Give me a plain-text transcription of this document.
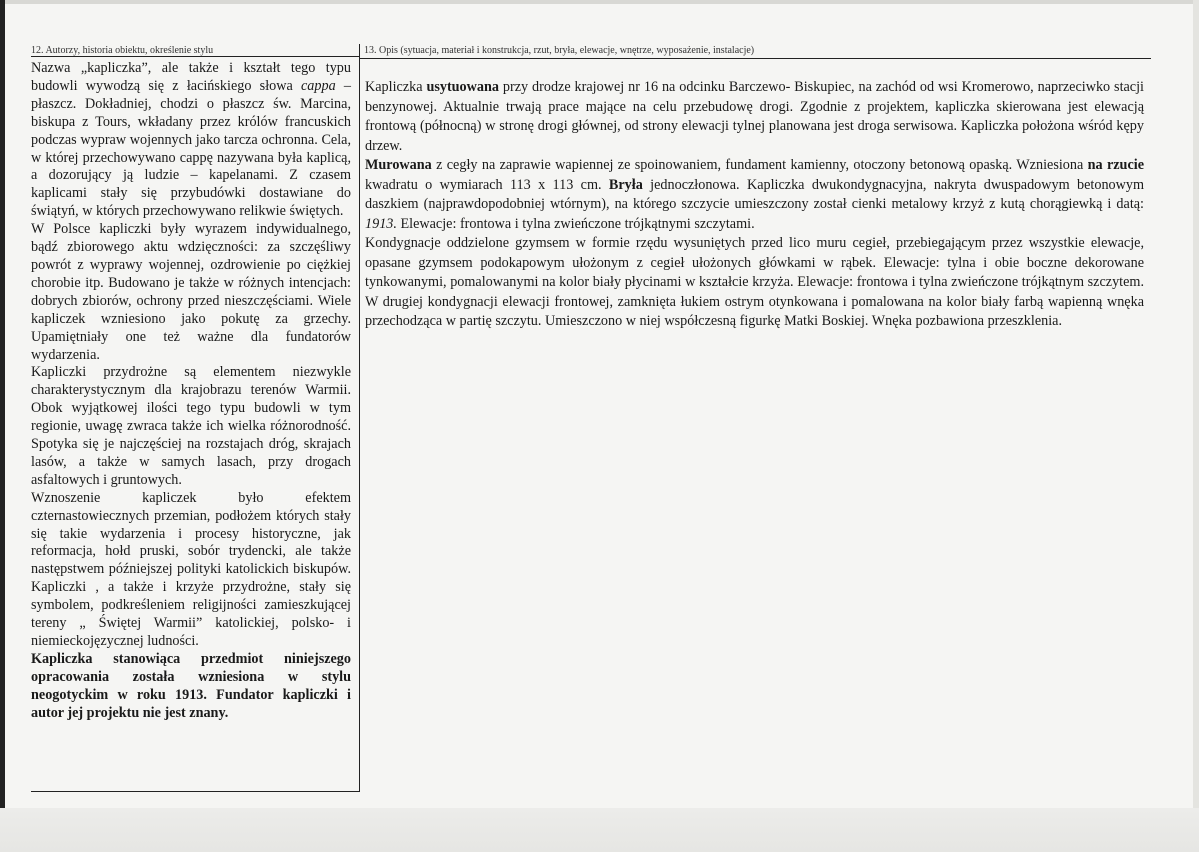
12. Autorzy, historia obiektu, określenie stylu	13. Opis (sytuacja, materiał i konstrukcja, rzut, bryła, elewacje, wnętrze, wyposażenie, instalacje)

Nazwa „kapliczka”, ale także i kształt tego typu budowli wywodzą się z łacińskiego słowa cappa – płaszcz. Dokładniej, chodzi o płaszcz św. Marcina, biskupa z Tours, wkładany przez królów francuskich podczas wypraw wojennych jako tarcza ochronna. Cela, w której przechowywano cappę nazywana była kaplicą, a dozorujący ją ludzie – kapelanami. Z czasem kaplicami stały się przybudówki dostawiane do świątyń, w których przechowywano relikwie świętych.

W Polsce kapliczki były wyrazem indywidualnego, bądź zbiorowego aktu wdzięczności: za szczęśliwy powrót z wyprawy wojennej, ozdrowienie po ciężkiej chorobie itp. Budowano je także w różnych intencjach: dobrych zbiorów, ochrony przed nieszczęściami. Wiele kapliczek wzniesiono jako pokutę za grzechy. Upamiętniały one też ważne dla fundatorów wydarzenia.

Kapliczki przydrożne są elementem niezwykle charakterystycznym dla krajobrazu terenów Warmii. Obok wyjątkowej ilości tego typu budowli w tym regionie, uwagę zwraca także ich wielka różnorodność. Spotyka się je najczęściej na rozstajach dróg, skrajach lasów, a także w samych lasach, przy drogach asfaltowych i gruntowych.

Wznoszenie kapliczek było efektem czternastowiecznych przemian, podłożem których stały się takie wydarzenia i procesy historyczne, jak reformacja, hołd pruski, sobór trydencki, ale także następstwem późniejszej polityki katolickich biskupów. Kapliczki , a także i krzyże przydrożne, stały się symbolem, podkreśleniem religijności zamieszkującej tereny „ Świętej Warmii” katolickiej, polsko- i niemieckojęzycznej ludności.

Kapliczka stanowiąca przedmiot niniejszego opracowania została wzniesiona w stylu neogotyckim w roku 1913. Fundator kapliczki i autor jej projektu nie jest znany.

Kapliczka usytuowana przy drodze krajowej nr 16 na odcinku Barczewo- Biskupiec, na zachód od wsi Kromerowo, naprzeciwko stacji benzynowej. Aktualnie trwają prace mające na celu przebudowę drogi. Zgodnie z projektem, kapliczka skierowana jest elewacją frontową (północną) w stronę drogi głównej, od strony elewacji tylnej planowana jest droga serwisowa. Kapliczka położona wśród kępy drzew.

Murowana z cegły na zaprawie wapiennej ze spoinowaniem, fundament kamienny, otoczony betonową opaską. Wzniesiona na rzucie kwadratu o wymiarach 113 x 113 cm. Bryła jednoczłonowa. Kapliczka dwukondygnacyjna, nakryta dwuspadowym betonowym daszkiem (najprawdopodobniej wtórnym), na którego szczycie umieszczony został cienki metalowy krzyż z kutą chorągiewką i datą: 1913. Elewacje: frontowa i tylna zwieńczone trójkątnymi szczytami.

Kondygnacje oddzielone gzymsem w formie rzędu wysuniętych przed lico muru cegieł, przebiegającym przez wszystkie elewacje, opasane gzymsem podokapowym ułożonym z cegieł ułożonych główkami w rąbek. Elewacje: tylna i obie boczne dekorowane tynkowanymi, pomalowanymi na kolor biały płycinami w kształcie krzyża. Elewacje: frontowa i tylna zwieńczone trójkątnym szczytem. W drugiej kondygnacji elewacji frontowej, zamknięta łukiem ostrym otynkowana i pomalowana na kolor biały farbą wapienną wnęka przechodząca w partię szczytu. Umieszczono w niej współczesną figurkę Matki Boskiej. Wnęka pozbawiona przeszklenia.
